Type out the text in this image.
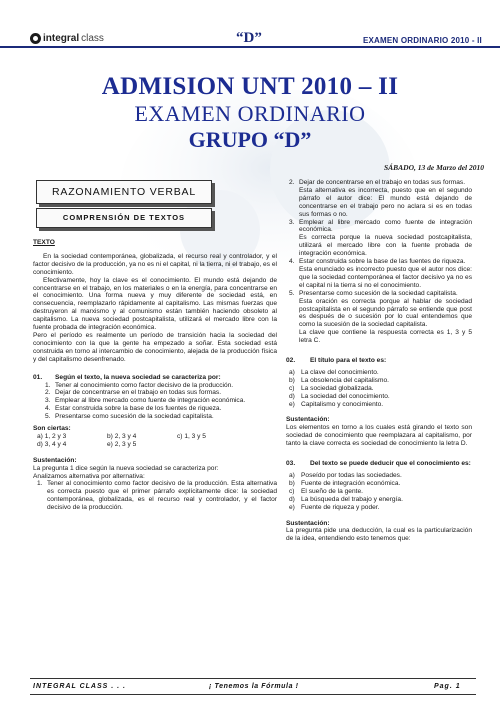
integral class	“D”	EXAMEN ORDINARIO 2010 - II
ADMISION UNT 2010 – II
EXAMEN ORDINARIO
GRUPO “D”
SÁBADO, 13 de Marzo del 2010
RAZONAMIENTO VERBAL
COMPRENSIÓN DE TEXTOS

TEXTO

En la sociedad contemporánea, globalizada, el recurso real y controlador, y el factor decisivo de la producción, ya no es ni el capital, ni la tierra, ni el trabajo, es el conocimiento.

Efectivamente, hoy la clave es el conocimiento. El mundo está dejando de concentrarse en el trabajo, en los materiales o en la energía, para concentrarse en el conocimiento. Una forma nueva y muy diferente de sociedad está, en consecuencia, reemplazarlo rápidamente al capitalismo. Las mismas fuerzas que destruyeron al marxismo y al comunismo están también haciendo obsoleto al capitalismo. La nueva sociedad postcapitalista, utilizará el mercado libre con la fuente probada de integración económica.

Pero el período es realmente un período de transición hacia la sociedad del conocimiento con la que la gente ha empezado a soñar. Esta sociedad está construida en torno al intercambio de conocimiento, alejada de la producción física y del capitalismo desenfrenado.

01.	Según el texto, la nueva sociedad se caracteriza por:

1. Tener al conocimiento como factor decisivo de la producción.
2. Dejar de concentrarse en el trabajo en todas sus formas.
3. Emplear al libre mercado como fuente de integración económica.
4. Estar construida sobre la base de los fuentes de riqueza.
5. Presentarse como sucesión de la sociedad capitalista.

Son ciertas:

a) 1, 2 y 3	b) 2, 3 y 4	c) 1, 3 y 5
d) 3, 4 y 4	e) 2, 3 y 5

Sustentación:

La pregunta 1 dice según la nueva sociedad se caracteriza por:

Analizamos alternativa por alternativa:

1. Tener al conocimiento como factor decisivo de la producción. Esta alternativa es correcta puesto que el primer párrafo explícitamente dice: la sociedad contemporánea, globalizada, es el recurso real y controlador, y el factor decisivo de la producción.
2. Dejar de concentrarse en el trabajo en todas sus formas.
Esta alternativa es incorrecta, puesto que en el segundo párrafo el autor dice: El mundo está dejando de concentrarse en el trabajo pero no aclara si es en todas sus formas o no.
3. Emplear al libre mercado como fuente de integración económica.
Es correcta porque la nueva sociedad postcapitalista, utilizará el mercado libre con la fuente probada de integración económica.
4. Estar construida sobre la base de las fuentes de riqueza.
Esta enunciado es incorrecto puesto que el autor nos dice: que la sociedad contemporánea el factor decisivo ya no es el capital ni la tierra si no el conocimiento.
5. Presentarse como sucesión de la sociedad capitalista.
Esta oración es correcta porque al hablar de sociedad postcapitalista en el segundo párrafo se entiende que post es después de o sucesión por lo cual entendemos que como la sucesión de la sociedad capitalista.

La clave que contiene la respuesta correcta es 1, 3 y 5 letra C.

02.	El título para el texto es:

a) La clave del conocimiento.
b) La obsolencia del capitalismo.
c) La sociedad globalizada.
d) La sociedad del conocimiento.
e) Capitalismo y conocimiento.

Sustentación:

Los elementos en torno a los cuales está girando el texto son sociedad de conocimiento que reemplazara al capitalismo, por tanto la clave correcta es sociedad de conocimiento la letra D.

03.	Del texto se puede deducir que el conocimiento es:

a) Poseído por todas las sociedades.
b) Fuente de integración económica.
c) El sueño de la gente.
d) La búsqueda del trabajo y energía.
e) Fuente de riqueza y poder.

Sustentación:

La pregunta pide una deducción, la cual es la particularización de la idea, entendiendo esto tenemos que:

INTEGRAL CLASS . . .	¡ Tenemos la Fórmula !	Pag. 1
